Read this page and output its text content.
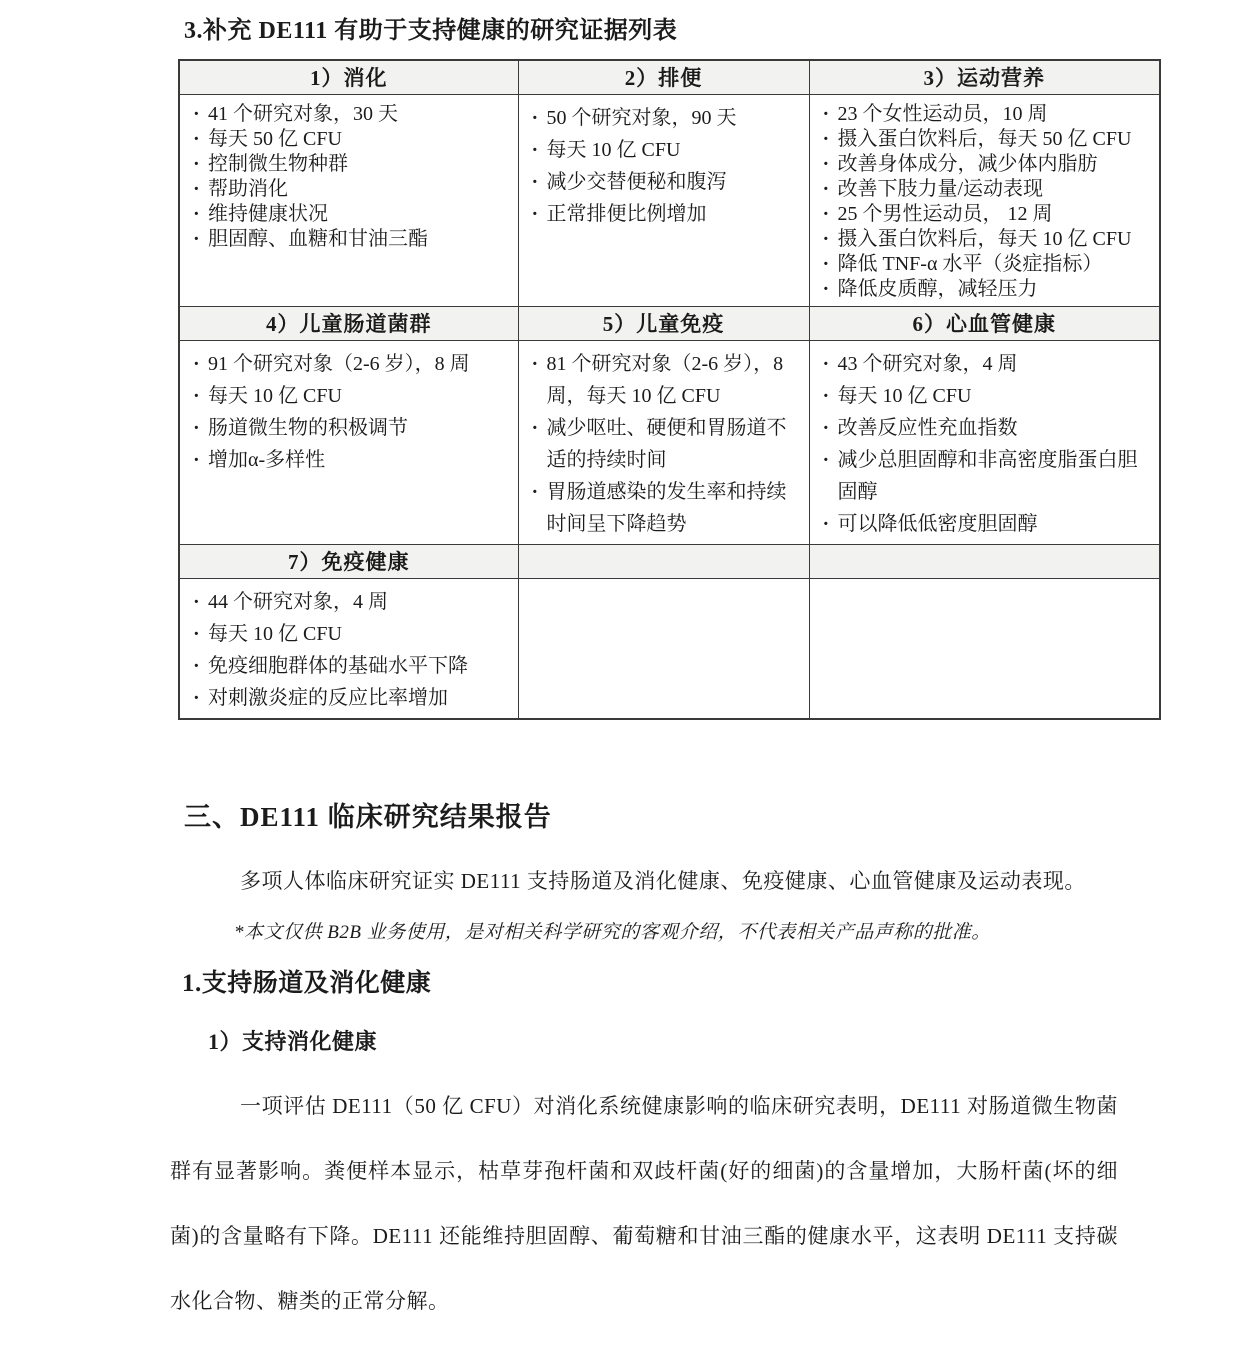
3.补充 DE111 有助于支持健康的研究证据列表
1）消化	2）排便	3）运动营养

· 41 个研究对象，30 天
· 每天 50 亿 CFU
· 控制微生物种群
· 帮助消化
· 维持健康状况
· 胆固醇、血糖和甘油三酯

· 50 个研究对象，90 天
· 每天 10 亿 CFU
· 减少交替便秘和腹泻
· 正常排便比例增加

· 23 个女性运动员，10 周
· 摄入蛋白饮料后，每天 50 亿 CFU
· 改善身体成分，减少体内脂肪
· 改善下肢力量/运动表现
· 25 个男性运动员， 12 周
· 摄入蛋白饮料后，每天 10 亿 CFU
· 降低 TNF-α 水平（炎症指标）
· 降低皮质醇，减轻压力

4）儿童肠道菌群	5）儿童免疫	6）心血管健康

· 91 个研究对象（2-6 岁），8 周
· 每天 10 亿 CFU
· 肠道微生物的积极调节
· 增加α-多样性

· 81 个研究对象（2-6 岁），8 周，每天 10 亿 CFU
· 减少呕吐、硬便和胃肠道不适的持续时间
· 胃肠道感染的发生率和持续时间呈下降趋势

· 43 个研究对象，4 周
· 每天 10 亿 CFU
· 改善反应性充血指数
· 减少总胆固醇和非高密度脂蛋白胆固醇
· 可以降低低密度胆固醇

7）免疫健康		

· 44 个研究对象，4 周
· 每天 10 亿 CFU
· 免疫细胞群体的基础水平下降
· 对刺激炎症的反应比率增加

三、DE111 临床研究结果报告
多项人体临床研究证实 DE111 支持肠道及消化健康、免疫健康、心血管健康及运动表现。
*本文仅供 B2B 业务使用，是对相关科学研究的客观介绍，不代表相关产品声称的批准。
1.支持肠道及消化健康
1）支持消化健康
一项评估 DE111（50 亿 CFU）对消化系统健康影响的临床研究表明，DE111 对肠道微生物菌群有显著影响。粪便样本显示，枯草芽孢杆菌和双歧杆菌(好的细菌)的含量增加，大肠杆菌(坏的细菌)的含量略有下降。DE111 还能维持胆固醇、葡萄糖和甘油三酯的健康水平，这表明 DE111 支持碳水化合物、糖类的正常分解。
